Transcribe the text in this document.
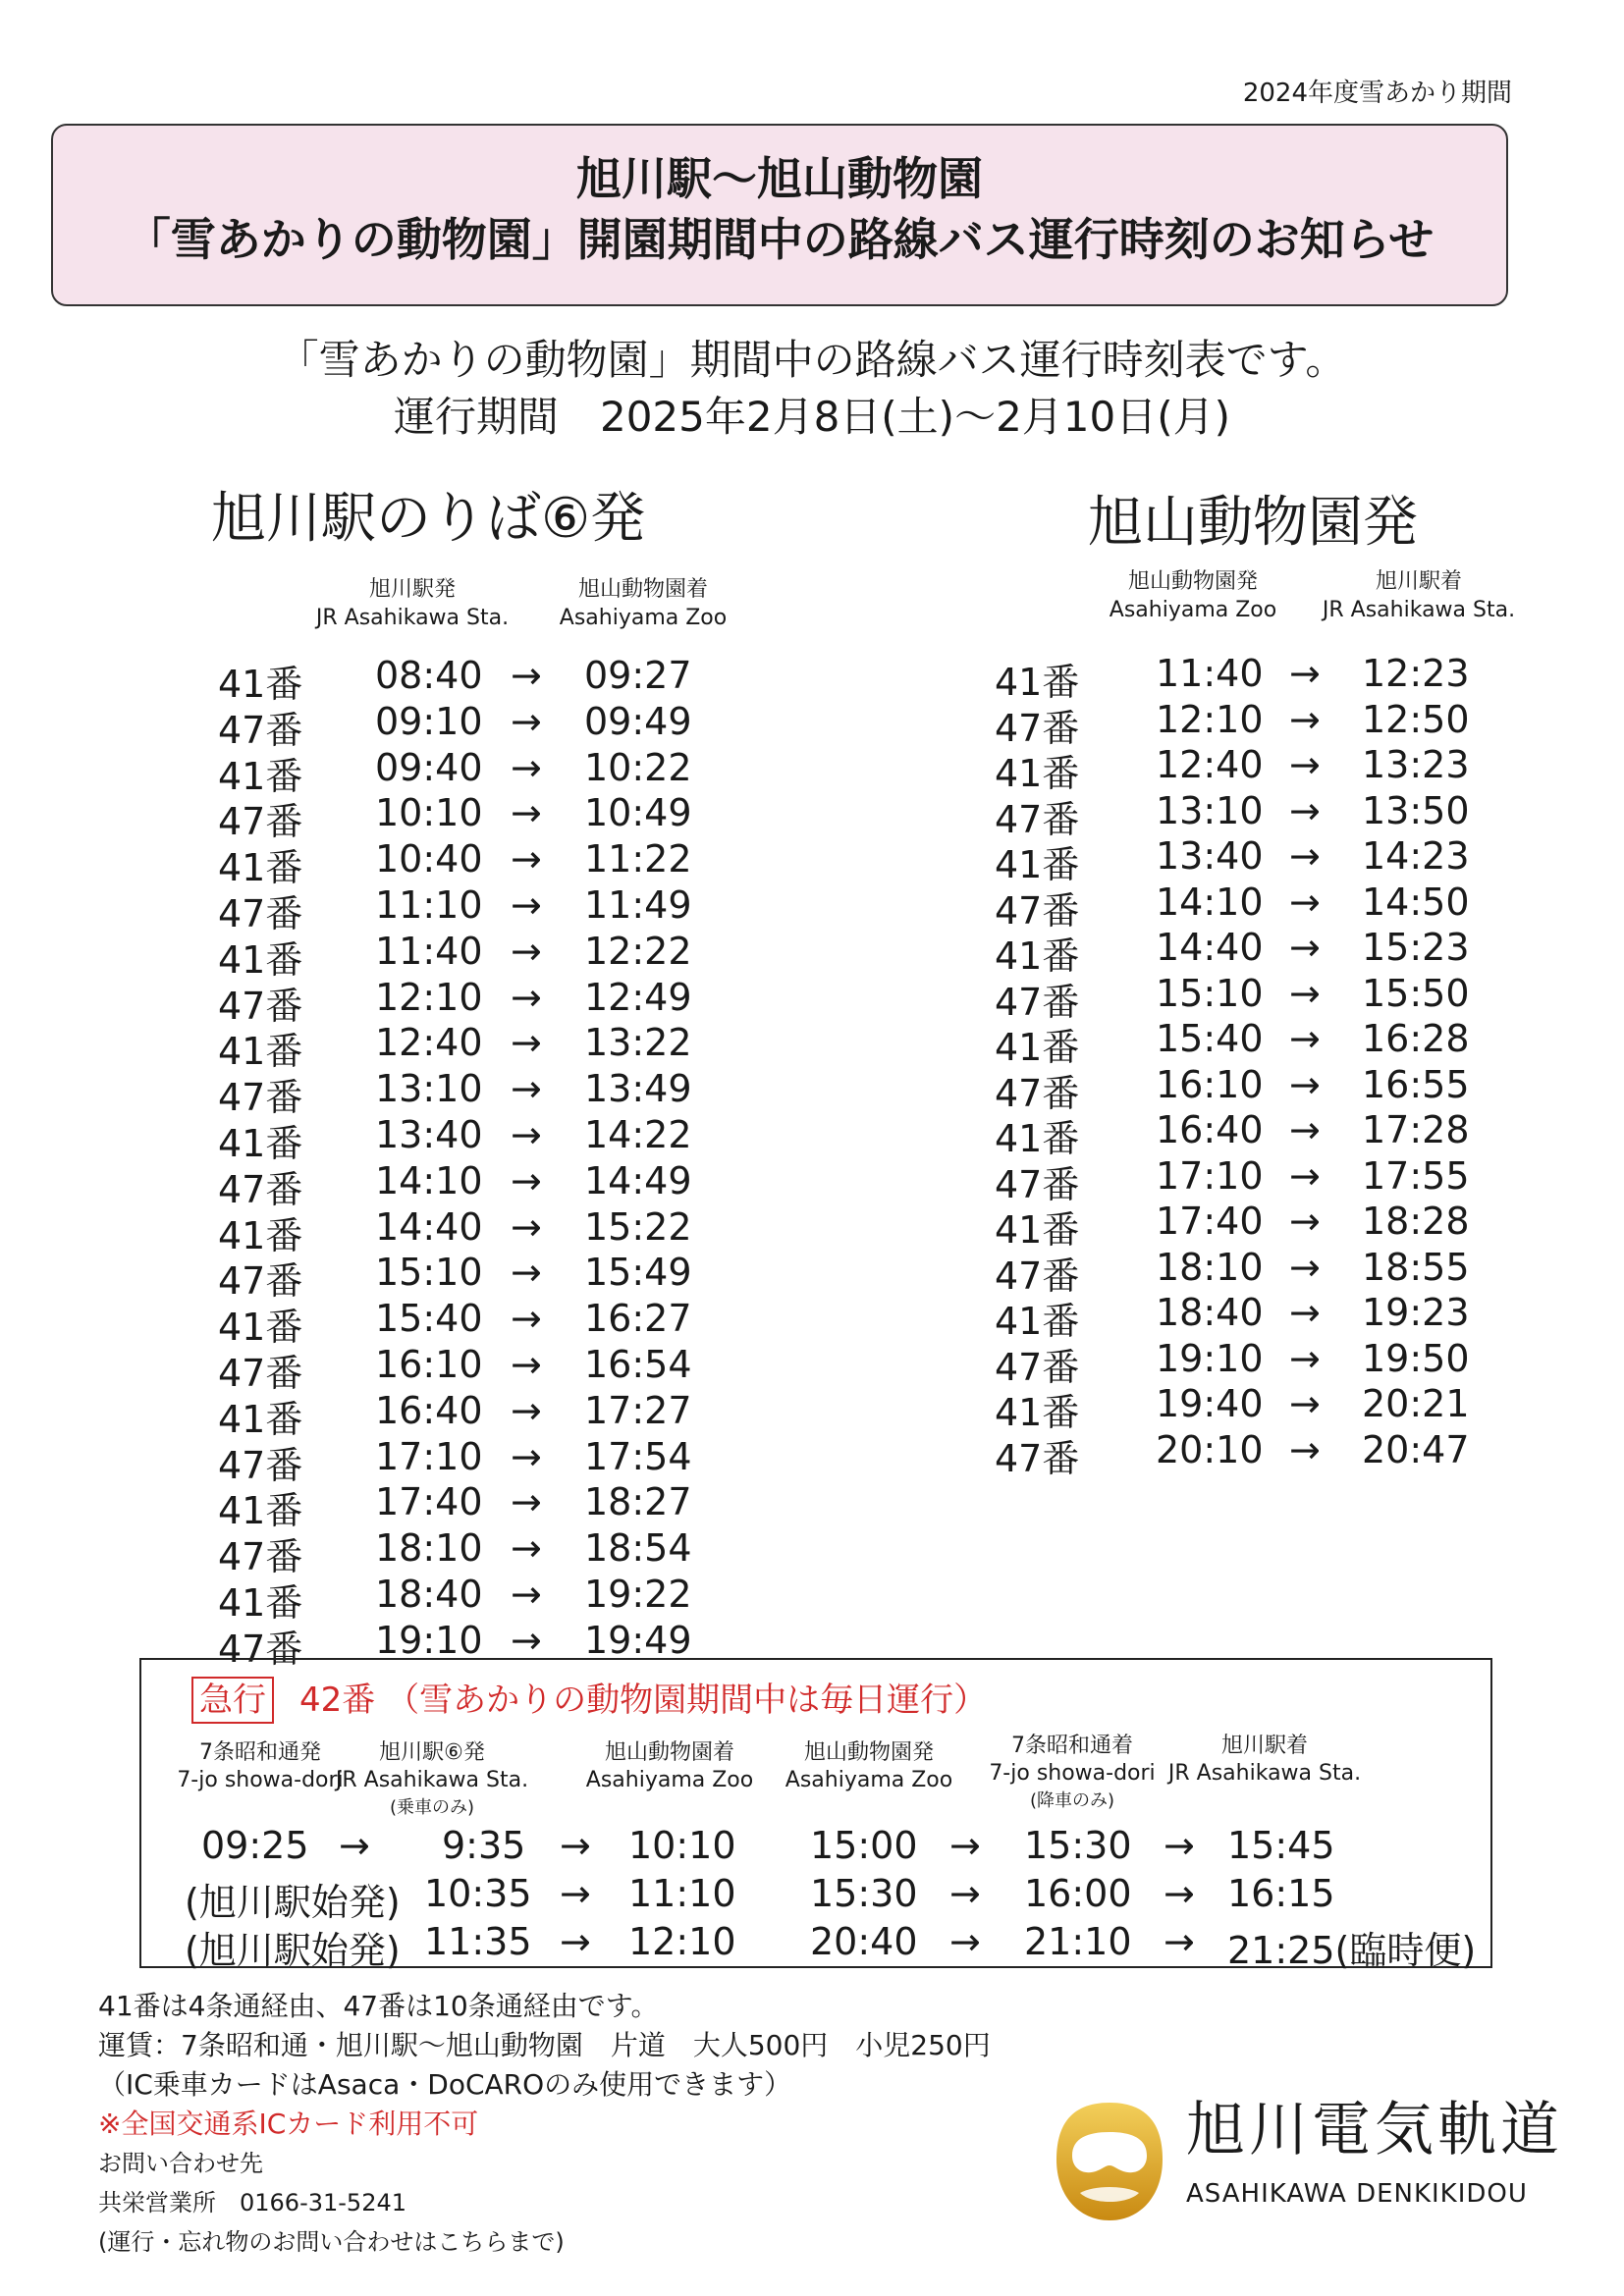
2024年度雪あかり期間
旭川駅〜旭山動物園
「雪あかりの動物園」開園期間中の路線バス運行時刻のお知らせ
「雪あかりの動物園」期間中の路線バス運行時刻表です。
運行期間　2025年2月8日(土)〜2月10日(月)
旭川駅のりば⑥発
旭川駅発
JR Asahikawa Sta.
旭山動物園着
Asahiyama Zoo
41番 08:40 → 09:27
47番 09:10 → 09:49
41番 09:40 → 10:22
47番 10:10 → 10:49
41番 10:40 → 11:22
47番 11:10 → 11:49
41番 11:40 → 12:22
47番 12:10 → 12:49
41番 12:40 → 13:22
47番 13:10 → 13:49
41番 13:40 → 14:22
47番 14:10 → 14:49
41番 14:40 → 15:22
47番 15:10 → 15:49
41番 15:40 → 16:27
47番 16:10 → 16:54
41番 16:40 → 17:27
47番 17:10 → 17:54
41番 17:40 → 18:27
47番 18:10 → 18:54
41番 18:40 → 19:22
47番 19:10 → 19:49
旭山動物園発
旭山動物園発
Asahiyama Zoo
旭川駅着
JR Asahikawa Sta.
41番 11:40 → 12:23
47番 12:10 → 12:50
41番 12:40 → 13:23
47番 13:10 → 13:50
41番 13:40 → 14:23
47番 14:10 → 14:50
41番 14:40 → 15:23
47番 15:10 → 15:50
41番 15:40 → 16:28
47番 16:10 → 16:55
41番 16:40 → 17:28
47番 17:10 → 17:55
41番 17:40 → 18:28
47番 18:10 → 18:55
41番 18:40 → 19:23
47番 19:10 → 19:50
41番 19:40 → 20:21
47番 20:10 → 20:47
急行 42番 （雪あかりの動物園期間中は毎日運行）
7条昭和通発
7-jo showa-dori
旭川駅⑥発
JR Asahikawa Sta.
(乗車のみ)
旭山動物園着
Asahiyama Zoo
旭山動物園発
Asahiyama Zoo
7条昭和通着
7-jo showa-dori
(降車のみ)
旭川駅着
JR Asahikawa Sta.
09:25 → 9:35 → 10:10 15:00 → 15:30 → 15:45
(旭川駅始発) 10:35 → 11:10 15:30 → 16:00 → 16:15
(旭川駅始発) 11:35 → 12:10 20:40 → 21:10 → 21:25(臨時便)
41番は4条通経由、47番は10条通経由です。
運賃：7条昭和通・旭川駅〜旭山動物園　片道　大人500円　小児250円
（IC乗車カードはAsaca・DoCAROのみ使用できます）
※全国交通系ICカード利用不可
お問い合わせ先
共栄営業所　0166-31-5241
(運行・忘れ物のお問い合わせはこちらまで)
旭川電気軌道
ASAHIKAWA DENKIKIDOU
